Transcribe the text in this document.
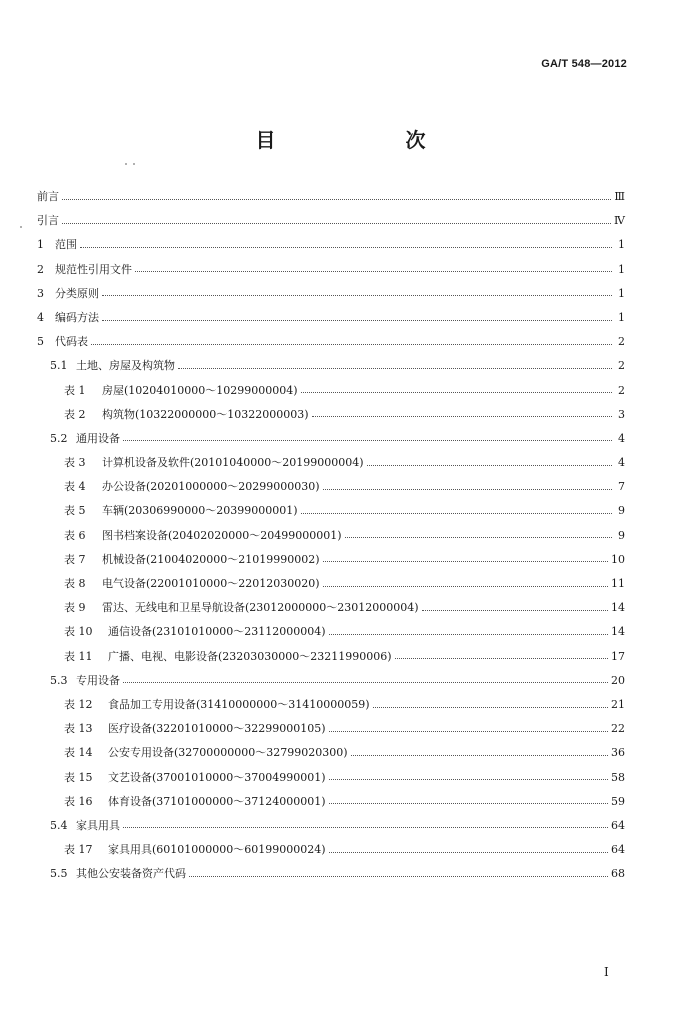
GA/T 548—2012
目　　次
前言	Ⅲ
引言	Ⅳ
1	范围	1
2	规范性引用文件	1
3	分类原则	1
4	编码方法	1
5	代码表	2
5.1 土地、房屋及构筑物	2
表 1	房屋(10204010000～10299000004)	2
表 2	构筑物(10322000000～10322000003)	3
5.2 通用设备	4
表 3	计算机设备及软件(20101040000～20199000004)	4
表 4	办公设备(20201000000～20299000030)	7
表 5	车辆(20306990000～20399000001)	9
表 6	图书档案设备(20402020000～20499000001)	9
表 7	机械设备(21004020000～21019990002)	10
表 8	电气设备(22001010000～22012030020)	11
表 9	雷达、无线电和卫星导航设备(23012000000～23012000004)	14
表 10	通信设备(23101010000～23112000004)	14
表 11	广播、电视、电影设备(23203030000～23211990006)	17
5.3 专用设备	20
表 12	食品加工专用设备(31410000000～31410000059)	21
表 13	医疗设备(32201010000～32299000105)	22
表 14	公安专用设备(32700000000～32799020300)	36
表 15	文艺设备(37001010000～37004990001)	58
表 16	体育设备(37101000000～37124000001)	59
5.4 家具用具	64
表 17	家具用具(60101000000～60199000024)	64
5.5 其他公安装备资产代码	68
I
